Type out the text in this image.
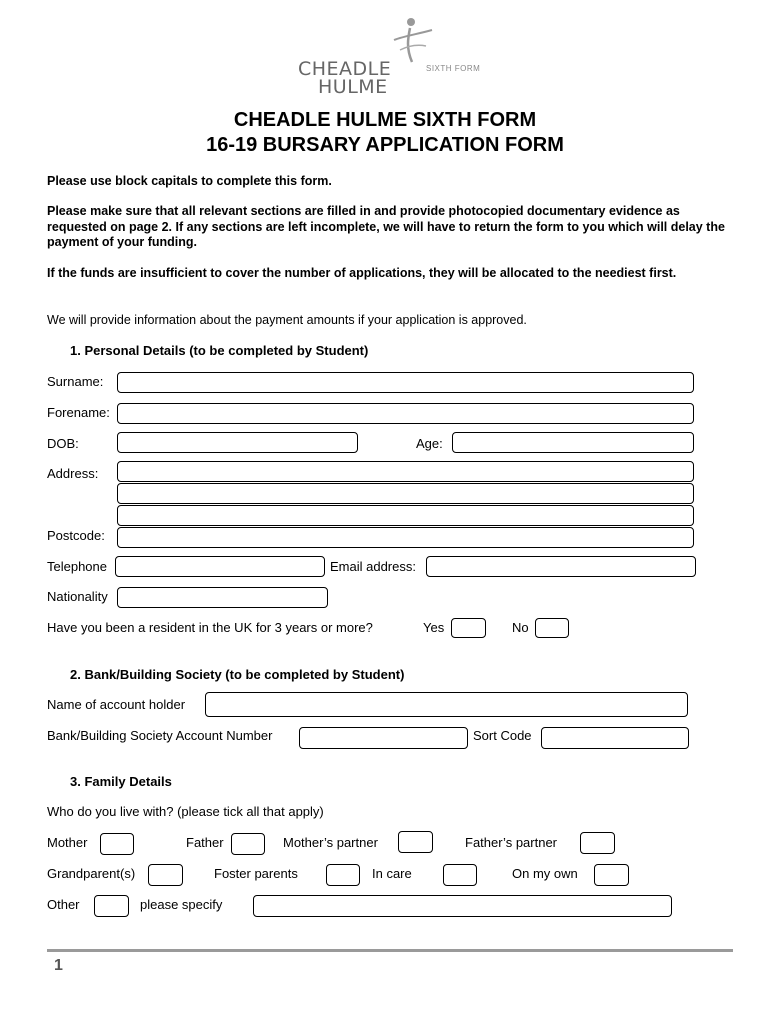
CHEADLE
HULME
SIXTH FORM
CHEADLE HULME SIXTH FORM
16-19 BURSARY APPLICATION FORM
Please use block capitals to complete this form.
Please make sure that all relevant sections are filled in and provide photocopied documentary evidence as requested on page 2. If any sections are left incomplete, we will have to return the form to you which will delay the payment of your funding.
If the funds are insufficient to cover the number of applications, they will be allocated to the neediest first.
We will provide information about the payment amounts if your application is approved.
1. Personal Details (to be completed by Student)
Surname:
Forename:
DOB:	Age:
Address:
Postcode:
Telephone	Email address:
Nationality
Have you been a resident in the UK for 3 years or more?	Yes	No
2. Bank/Building Society (to be completed by Student)
Name of account holder
Bank/Building Society Account Number	Sort Code
3. Family Details
Who do you live with? (please tick all that apply)
Mother	Father	Mother’s partner	Father’s partner
Grandparent(s)	Foster parents	In care	On my own
Other	please specify
1
